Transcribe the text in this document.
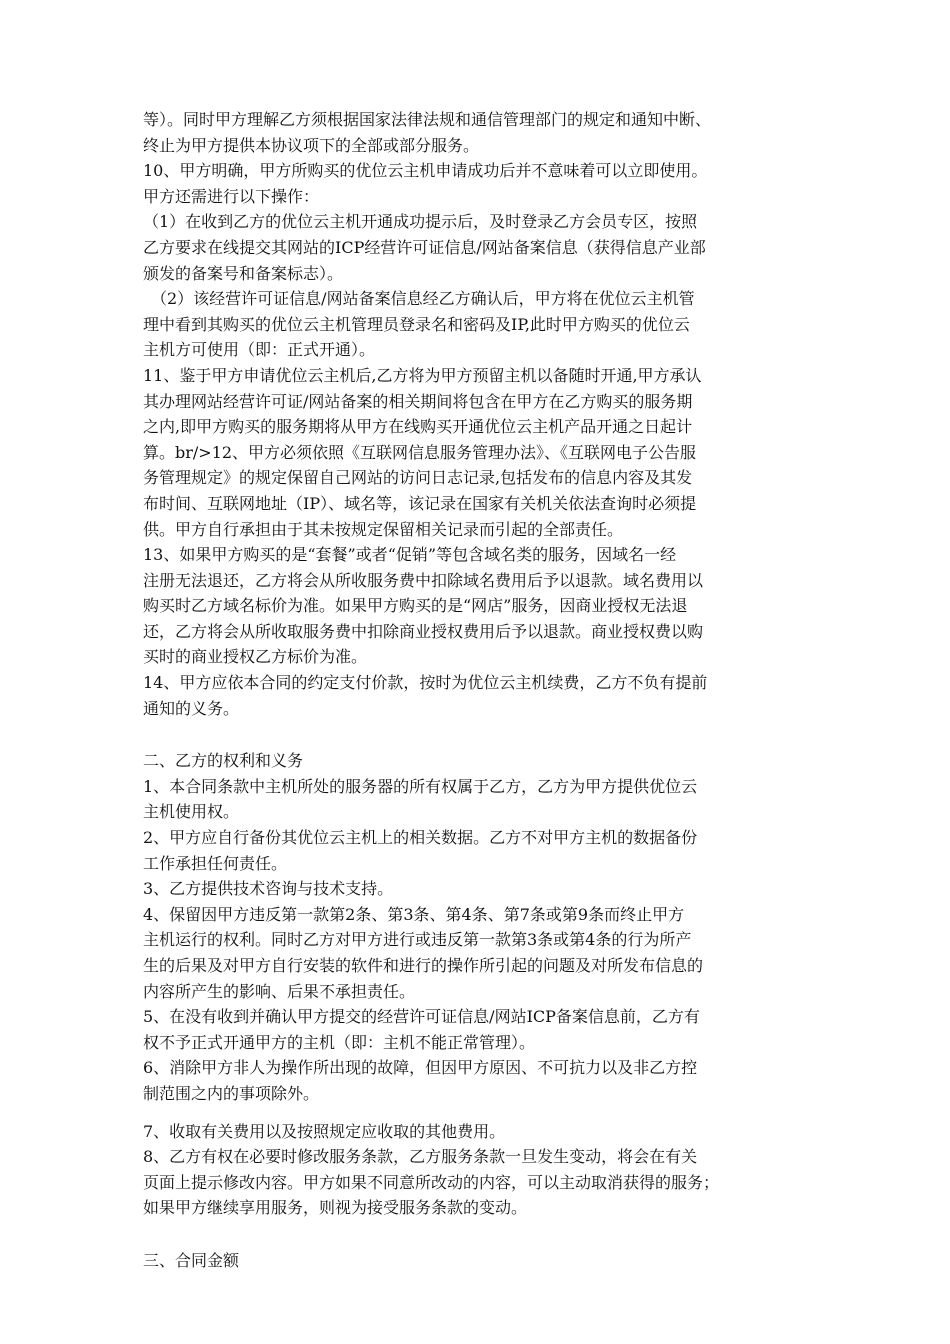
等）。同时甲方理解乙方须根据国家法律法规和通信管理部门的规定和通知中断、

终止为甲方提供本协议项下的全部或部分服务。

10、甲方明确，甲方所购买的优位云主机申请成功后并不意味着可以立即使用。

甲方还需进行以下操作：

（1）在收到乙方的优位云主机开通成功提示后，及时登录乙方会员专区，按照

乙方要求在线提交其网站的ICP经营许可证信息/网站备案信息（获得信息产业部

颁发的备案号和备案标志）。

（2）该经营许可证信息/网站备案信息经乙方确认后，甲方将在优位云主机管

理中看到其购买的优位云主机管理员登录名和密码及IP,此时甲方购买的优位云

主机方可使用（即：正式开通）。

11、鉴于甲方申请优位云主机后,乙方将为甲方预留主机以备随时开通,甲方承认

其办理网站经营许可证/网站备案的相关期间将包含在甲方在乙方购买的服务期

之内,即甲方购买的服务期将从甲方在线购买开通优位云主机产品开通之日起计

算。br/>12、甲方必须依照《互联网信息服务管理办法》、《互联网电子公告服

务管理规定》的规定保留自己网站的访问日志记录,包括发布的信息内容及其发

布时间、互联网地址（IP）、域名等，该记录在国家有关机关依法查询时必须提

供。甲方自行承担由于其未按规定保留相关记录而引起的全部责任。

13、如果甲方购买的是“套餐”或者“促销”等包含域名类的服务，因域名一经

注册无法退还，乙方将会从所收服务费中扣除域名费用后予以退款。域名费用以

购买时乙方域名标价为准。如果甲方购买的是“网店”服务，因商业授权无法退

还，乙方将会从所收取服务费中扣除商业授权费用后予以退款。商业授权费以购

买时的商业授权乙方标价为准。

14、甲方应依本合同的约定支付价款，按时为优位云主机续费，乙方不负有提前

通知的义务。

二、乙方的权利和义务

1、本合同条款中主机所处的服务器的所有权属于乙方，乙方为甲方提供优位云

主机使用权。

2、甲方应自行备份其优位云主机上的相关数据。乙方不对甲方主机的数据备份

工作承担任何责任。

3、乙方提供技术咨询与技术支持。

4、保留因甲方违反第一款第2条、第3条、第4条、第7条或第9条而终止甲方

主机运行的权利。同时乙方对甲方进行或违反第一款第3条或第4条的行为所产

生的后果及对甲方自行安装的软件和进行的操作所引起的问题及对所发布信息的

内容所产生的影响、后果不承担责任。

5、在没有收到并确认甲方提交的经营许可证信息/网站ICP备案信息前，乙方有

权不予正式开通甲方的主机（即：主机不能正常管理）。

6、消除甲方非人为操作所出现的故障，但因甲方原因、不可抗力以及非乙方控

制范围之内的事项除外。

7、收取有关费用以及按照规定应收取的其他费用。

8、乙方有权在必要时修改服务条款，乙方服务条款一旦发生变动，将会在有关

页面上提示修改内容。甲方如果不同意所改动的内容，可以主动取消获得的服务；

如果甲方继续享用服务，则视为接受服务条款的变动。

三、合同金额
